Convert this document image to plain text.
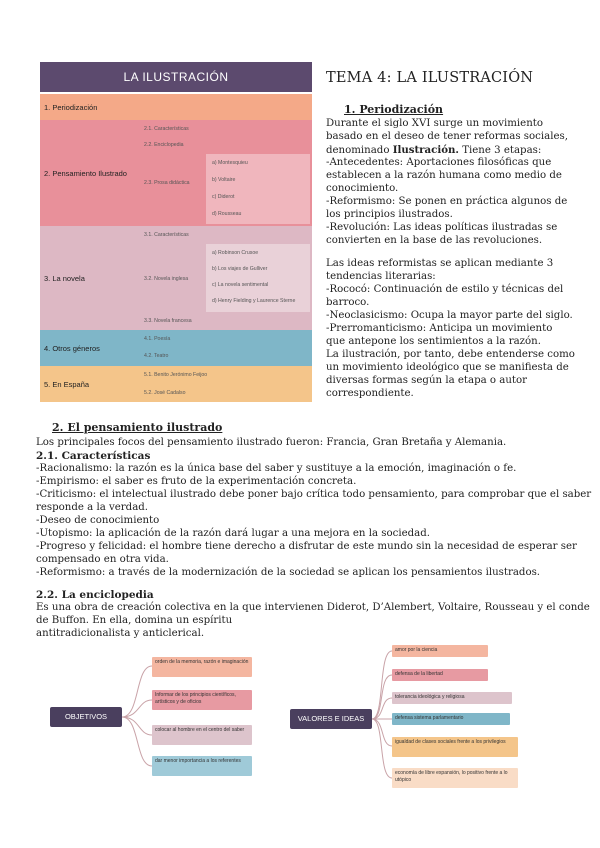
LA ILUSTRACIÓN
1. Periodización
2. Pensamiento Ilustrado
2.1. Características
2.2. Enciclopedia
2.3. Prosa didáctica
a) Montesquieu
b) Voltaire
c) Diderot
d) Rousseau
3. La novela
3.1. Características
3.2. Novela inglesa
3.3. Novela francesa
a) Robinson Crusoe
b) Los viajes de Gulliver
c) La novela sentimental
d) Henry Fielding y Laurence Sterne
4. Otros géneros
4.1. Poesía
4.2. Teatro
5. En España
5.1. Benito Jerónimo Feijoo
5.2. José Cadalso
TEMA 4: LA ILUSTRACIÓN
1. Periodización
Durante el siglo XVI surge un movimiento
basado en el deseo de tener reformas sociales,
denominado Ilustración. Tiene 3 etapas:
-Antecedentes: Aportaciones filosóficas que
establecen a la razón humana como medio de
conocimiento.
-Reformismo: Se ponen en práctica algunos de
los principios ilustrados.
-Revolución: Las ideas políticas ilustradas se
convierten en la base de las revoluciones.
Las ideas reformistas se aplican mediante 3
tendencias literarias:
-Rococó: Continuación de estilo y técnicas del
barroco.
-Neoclasicismo: Ocupa la mayor parte del siglo.
-Prerromanticismo: Anticipa un movimiento
que antepone los sentimientos a la razón.
La ilustración, por tanto, debe entenderse como
un movimiento ideológico que se manifiesta de
diversas formas según la etapa o autor
correspondiente.
2. El pensamiento ilustrado
Los principales focos del pensamiento ilustrado fueron: Francia, Gran Bretaña y Alemania.
2.1. Características
-Racionalismo: la razón es la única base del saber y sustituye a la emoción, imaginación o fe.
-Empirismo: el saber es fruto de la experimentación concreta.
-Criticismo: el intelectual ilustrado debe poner bajo crítica todo pensamiento, para comprobar que el saber
responde a la verdad.
-Deseo de conocimiento
-Utopismo: la aplicación de la razón dará lugar a una mejora en la sociedad.
-Progreso y felicidad: el hombre tiene derecho a disfrutar de este mundo sin la necesidad de esperar ser
compensado en otra vida.
-Reformismo: a través de la modernización de la sociedad se aplican los pensamientos ilustrados.
2.2. La enciclopedia
Es una obra de creación colectiva en la que intervienen Diderot, D’Alembert, Voltaire, Rousseau y el conde
de Buffon. En ella, domina un espíritu
antitradicionalista y anticlerical.
OBJETIVOS
orden de la memoria, razón e imaginación
Informar de los principios científicos, artísticos y de oficios
colocar al hombre en el centro del saber
dar menor importancia a los referentes
VALORES E IDEAS
amor por la ciencia
defensa de la libertad
tolerancia ideológica y religiosa
defensa sistema parlamentario
igualdad de clases sociales frente a los privilegios
economía de libre expansión, lo positivo frente a lo utópico
